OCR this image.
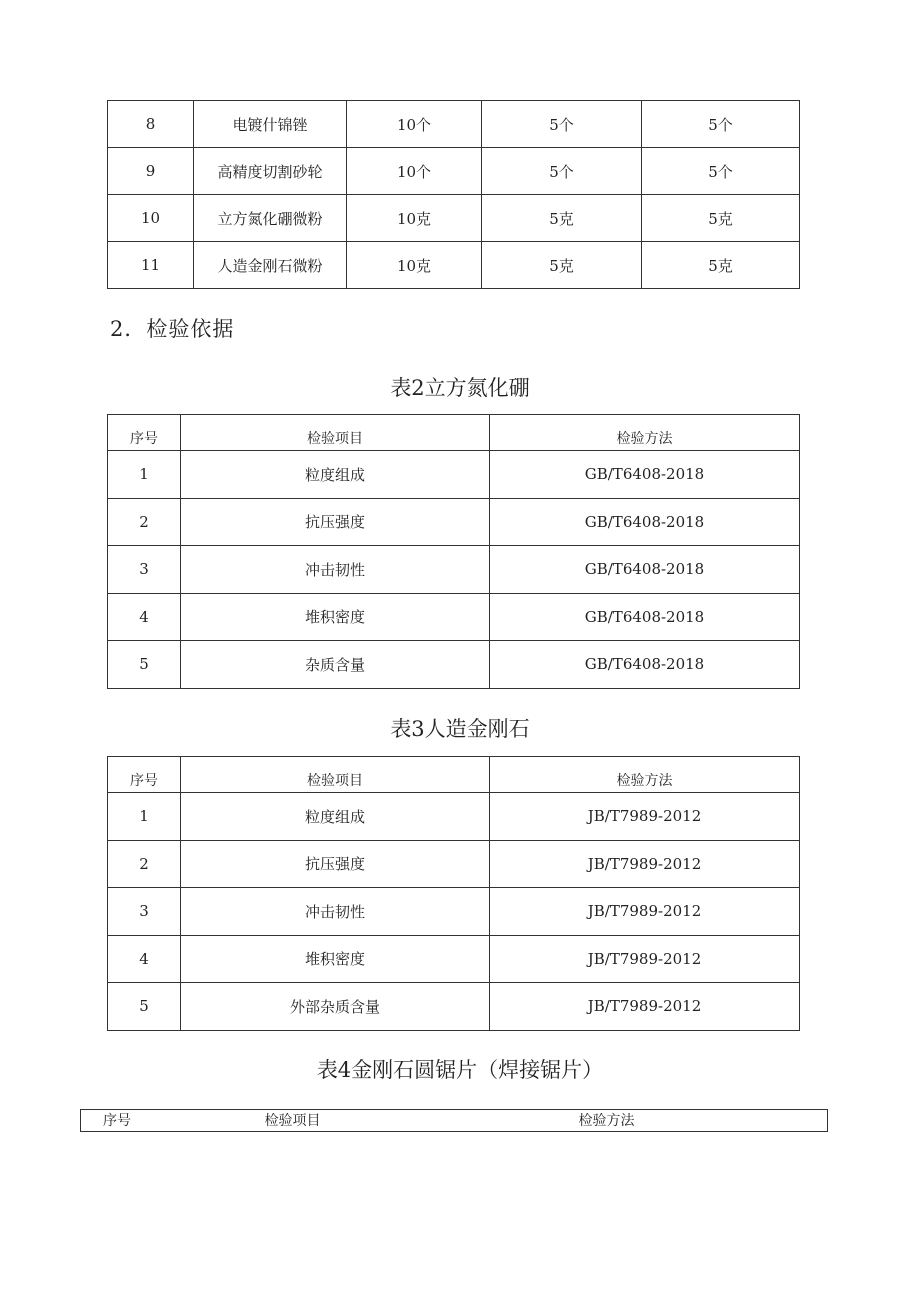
8	电镀什锦锉	10个	5个	5个
9	高精度切割砂轮	10个	5个	5个
10	立方氮化硼微粉	10克	5克	5克
11	人造金刚石微粉	10克	5克	5克
2．检验依据
表2立方氮化硼
序号	检验项目	检验方法
1	粒度组成	GB/T6408-2018
2	抗压强度	GB/T6408-2018
3	冲击韧性	GB/T6408-2018
4	堆积密度	GB/T6408-2018
5	杂质含量	GB/T6408-2018
表3人造金刚石
序号	检验项目	检验方法
1	粒度组成	JB/T7989-2012
2	抗压强度	JB/T7989-2012
3	冲击韧性	JB/T7989-2012
4	堆积密度	JB/T7989-2012
5	外部杂质含量	JB/T7989-2012
表4金刚石圆锯片（焊接锯片）
序号	检验项目	检验方法
